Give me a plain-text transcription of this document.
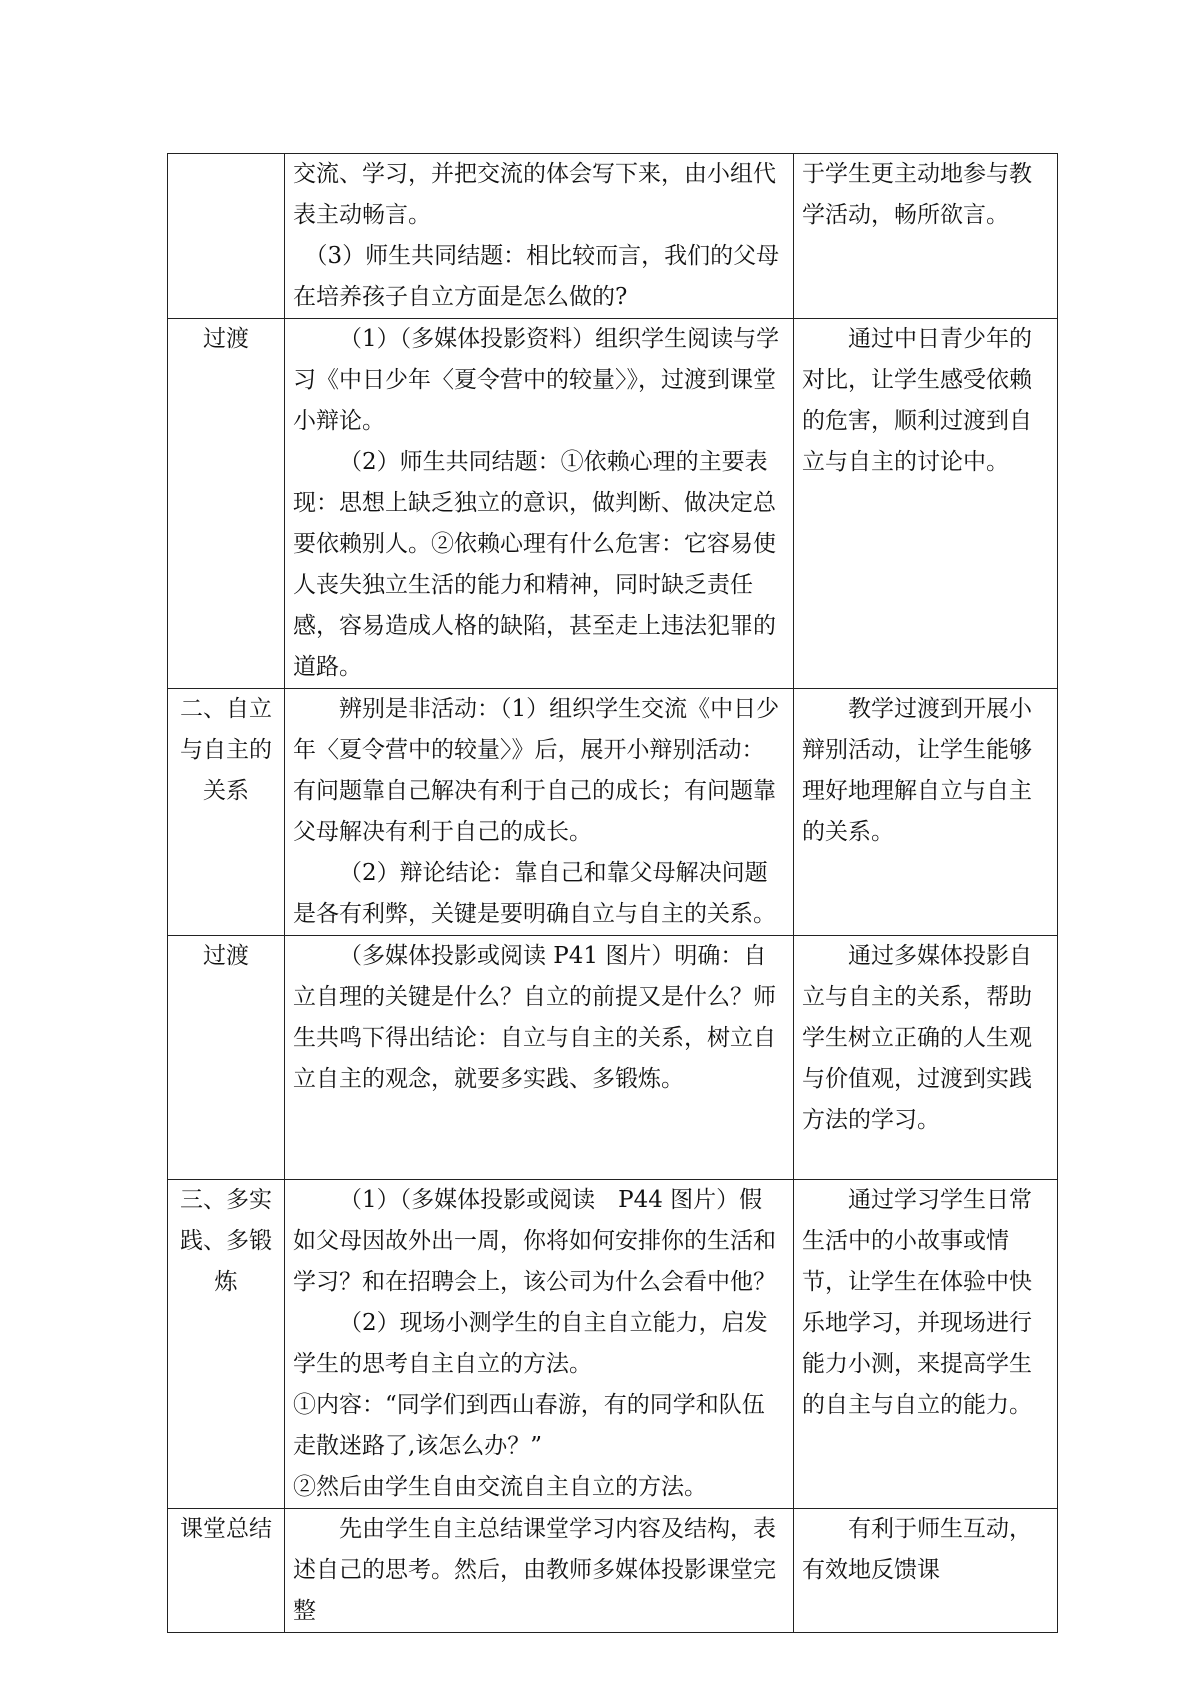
	交流、学习，并把交流的体会写下来，由小组代表主动畅言。
（3）师生共同结题：相比较而言，我们的父母在培养孩子自立方面是怎么做的?	于学生更主动地参与教学活动，畅所欲言。

过渡	（1）（多媒体投影资料）组织学生阅读与学习《中日少年〈夏令营中的较量〉》，过渡到课堂小辩论。
（2）师生共同结题：①依赖心理的主要表现：思想上缺乏独立的意识，做判断、做决定总要依赖别人。②依赖心理有什么危害：它容易使人丧失独立生活的能力和精神，同时缺乏责任感，容易造成人格的缺陷，甚至走上违法犯罪的道路。	通过中日青少年的对比，让学生感受依赖的危害，顺利过渡到自立与自主的讨论中。

二、自立与自主的关系	辨别是非活动：（1）组织学生交流《中日少年〈夏令营中的较量〉》后，展开小辩别活动：有问题靠自己解决有利于自己的成长；有问题靠父母解决有利于自己的成长。
（2）辩论结论：靠自己和靠父母解决问题是各有利弊，关键是要明确自立与自主的关系。	教学过渡到开展小辩别活动，让学生能够理好地理解自立与自主的关系。

过渡	（多媒体投影或阅读 P41 图片）明确：自立自理的关键是什么？自立的前提又是什么？师生共鸣下得出结论：自立与自主的关系，树立自立自主的观念，就要多实践、多锻炼。	通过多媒体投影自立与自主的关系，帮助学生树立正确的人生观与价值观，过渡到实践方法的学习。

三、多实践、多锻炼	（1）（多媒体投影或阅读　P44 图片）假如父母因故外出一周，你将如何安排你的生活和学习？和在招聘会上，该公司为什么会看中他？
（2）现场小测学生的自主自立能力，启发学生的思考自主自立的方法。
①内容：“同学们到西山春游，有的同学和队伍走散迷路了,该怎么办？”
②然后由学生自由交流自主自立的方法。	通过学习学生日常生活中的小故事或情节，让学生在体验中快乐地学习，并现场进行能力小测，来提高学生的自主与自立的能力。

课堂总结	先由学生自主总结课堂学习内容及结构，表述自己的思考。然后，由教师多媒体投影课堂完整	有利于师生互动，有效地反馈课
